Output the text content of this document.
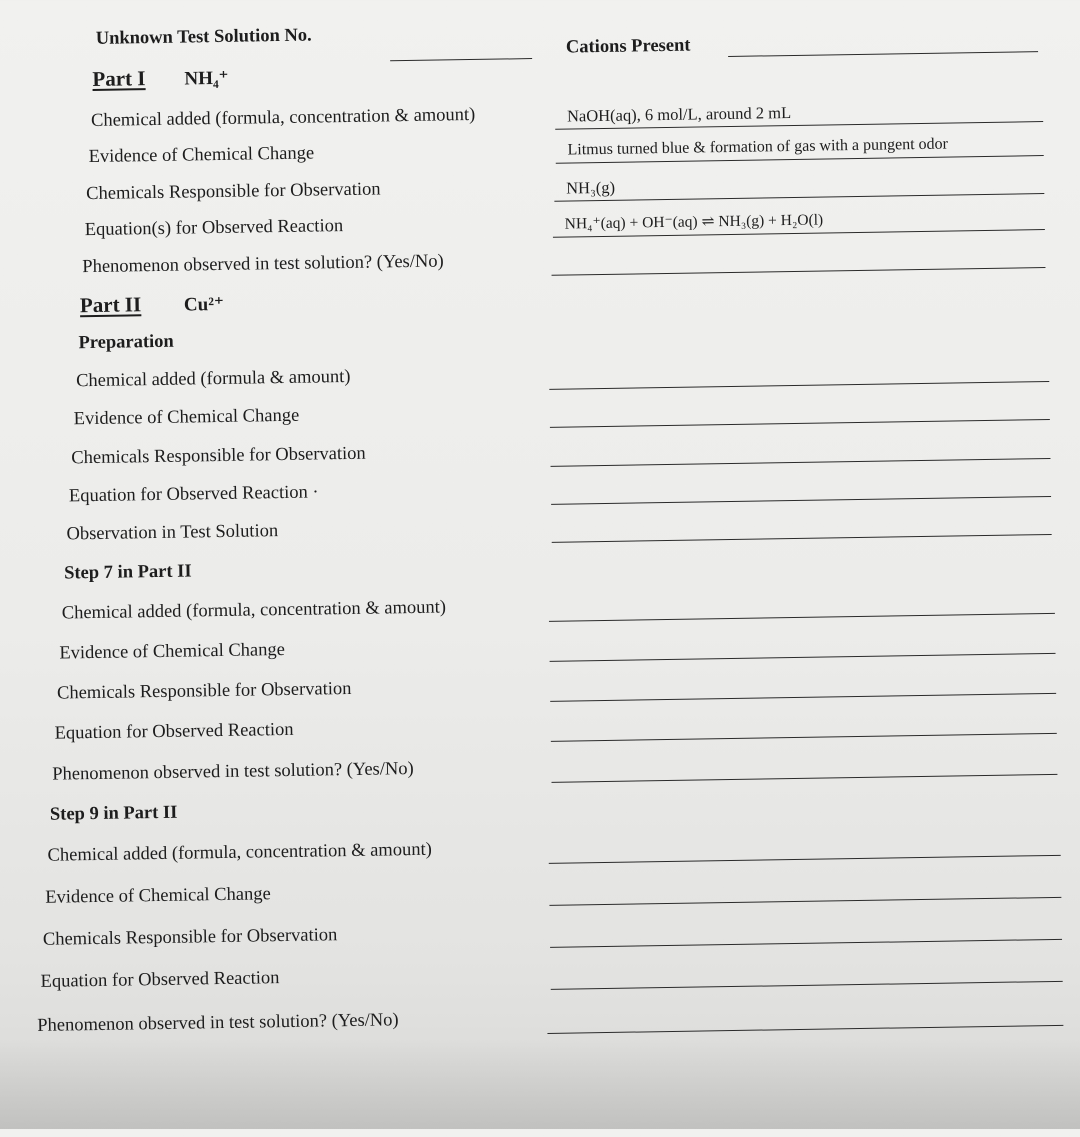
Unknown Test Solution No.	Cations Present
Part I NH₄⁺
Chemical added (formula, concentration & amount)	NaOH(aq), 6 mol/L, around 2 mL
Evidence of Chemical Change	Litmus turned blue & formation of gas with a pungent odor
Chemicals Responsible for Observation	NH₃(g)
Equation(s) for Observed Reaction	NH₄⁺(aq) + OH⁻(aq) ⇌ NH₃(g) + H₂O(l)
Phenomenon observed in test solution? (Yes/No)
Part II Cu²⁺
Preparation
Chemical added (formula & amount)
Evidence of Chemical Change
Chemicals Responsible for Observation
Equation for Observed Reaction ·
Observation in Test Solution
Step 7 in Part II
Chemical added (formula, concentration & amount)
Evidence of Chemical Change
Chemicals Responsible for Observation
Equation for Observed Reaction
Phenomenon observed in test solution? (Yes/No)
Step 9 in Part II
Chemical added (formula, concentration & amount)
Evidence of Chemical Change
Chemicals Responsible for Observation
Equation for Observed Reaction
Phenomenon observed in test solution? (Yes/No)
